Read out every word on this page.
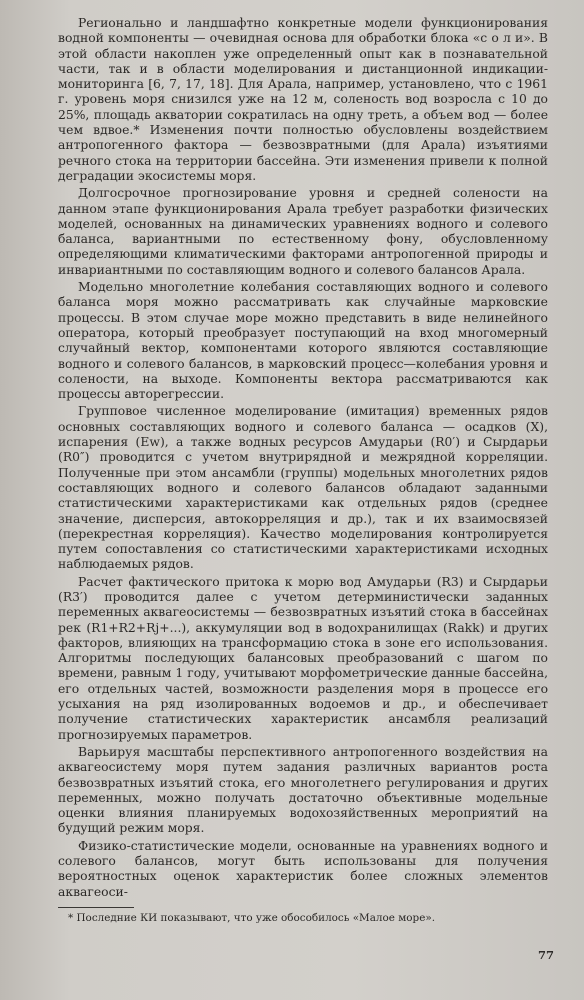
Регионально и ландшафтно конкретные модели функционирования водной компоненты — очевидная основа для обработки блока «с о л и». В этой области накоплен уже определенный опыт как в познавательной части, так и в области моделирования и дистанционной индикации-мониторинга [6, 7, 17, 18]. Для Арала, например, установлено, что с 1961 г. уровень моря снизился уже на 12 м, соленость вод возросла с 10 до 25%, площадь акватории сократилась на одну треть, а объем вод — более чем вдвое.* Изменения почти полностью обусловлены воздействием антропогенного фактора — безвозвратными (для Арала) изъятиями речного стока на территории бассейна. Эти изменения привели к полной деградации экосистемы моря.

Долгосрочное прогнозирование уровня и средней солености на данном этапе функционирования Арала требует разработки физических моделей, основанных на динамических уравнениях водного и солевого баланса, вариантными по естественному фону, обусловленному определяющими климатическими факторами антропогенной природы и инвариантными по составляющим водного и солевого балансов Арала.

Модельно многолетние колебания составляющих водного и солевого баланса моря можно рассматривать как случайные марковские процессы. В этом случае море можно представить в виде нелинейного оператора, который преобразует поступающий на вход многомерный случайный вектор, компонентами которого являются составляющие водного и солевого балансов, в марковский процесс—колебания уровня и солености, на выходе. Компоненты вектора рассматриваются как процессы авторегрессии.

Групповое численное моделирование (имитация) временных рядов основных составляющих водного и солевого баланса — осадков (X), испарения (Ew), а также водных ресурсов Амударьи (R0′) и Сырдарьи (R0″) проводится с учетом внутрирядной и межрядной корреляции. Полученные при этом ансамбли (группы) модельных многолетних рядов составляющих водного и солевого балансов обладают заданными статистическими характеристиками как отдельных рядов (среднее значение, дисперсия, автокорреляция и др.), так и их взаимосвязей (перекрестная корреляция). Качество моделирования контролируется путем сопоставления со статистическими характеристиками исходных наблюдаемых рядов.

Расчет фактического притока к морю вод Амударьи (R3) и Сырдарьи (R3′) проводится далее с учетом детерминистически заданных переменных аквагеосистемы — безвозвратных изъятий стока в бассейнах рек (R1+R2+Rj+...), аккумуляции вод в водохранилищах (Rakk) и других факторов, влияющих на трансформацию стока в зоне его использования. Алгоритмы последующих балансовых преобразований с шагом по времени, равным 1 году, учитывают морфометрические данные бассейна, его отдельных частей, возможности разделения моря в процессе его усыхания на ряд изолированных водоемов и др., и обеспечивает получение статистических характеристик ансамбля реализаций прогнозируемых параметров.

Варьируя масштабы перспективного антропогенного воздействия на аквагеосистему моря путем задания различных вариантов роста безвозвратных изъятий стока, его многолетнего регулирования и других переменных, можно получать достаточно объективные модельные оценки влияния планируемых водохозяйственных мероприятий на будущий режим моря.

Физико-статистические модели, основанные на уравнениях водного и солевого балансов, могут быть использованы для получения вероятностных оценок характеристик более сложных элементов аквагеоси-

* Последние КИ показывают, что уже обособилось «Малое море».
77
